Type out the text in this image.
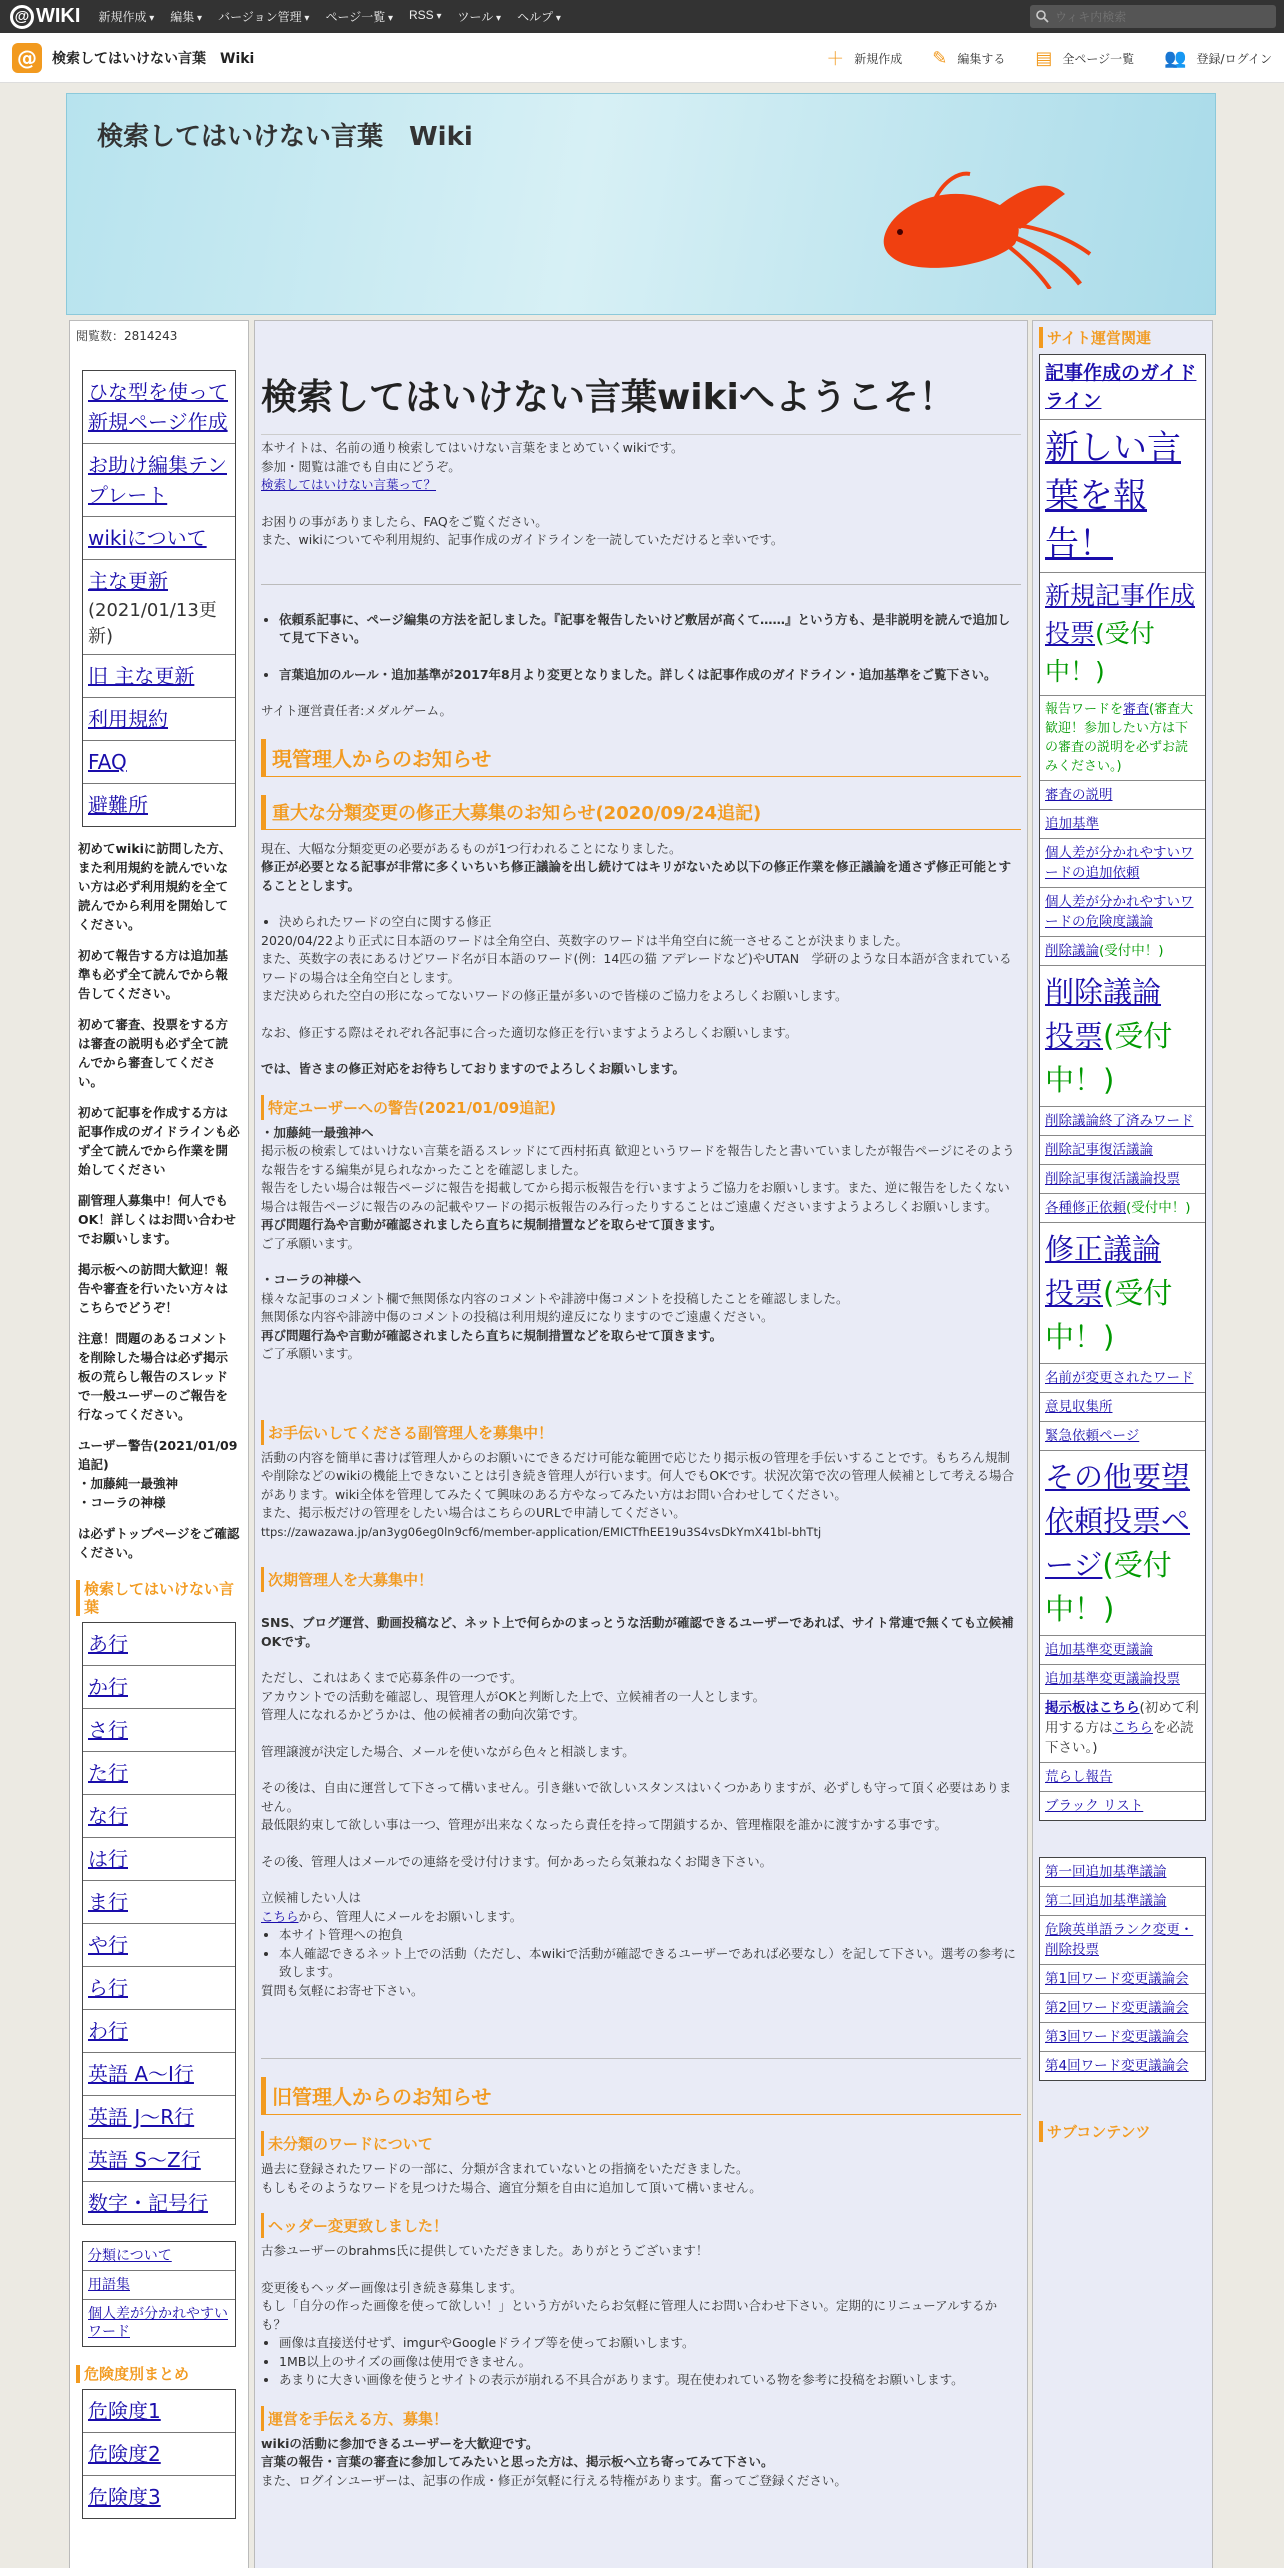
@ WIKI 新規作成 ▾	編集 ▾	バージョン管理 ▾	ページ一覧 ▾	RSS ▾	ツール ▾	ヘルプ ▾
ウィキ内検索
@	検索してはいけない言葉　Wiki	＋ 新規作成 ✎ 編集する ▤ 全ページ一覧 👥 登録/ログイン
検索してはいけない言葉　Wiki
閲覧数：2814243
ひな型を使って新規ページ作成
お助け編集テンプレート
wikiについて
主な更新
(2021/01/13更新)
旧 主な更新
利用規約
FAQ
避難所

初めてwikiに訪問した方、また利用規約を読んでいない方は必ず利用規約を全て読んでから利用を開始してください。

初めて報告する方は追加基準も必ず全て読んでから報告してください。

初めて審査、投票をする方は審査の説明も必ず全て読んでから審査してください。

初めて記事を作成する方は記事作成のガイドラインも必ず全て読んでから作業を開始してください

副管理人募集中！何人でもOK！詳しくはお問い合わせでお願いします。

掲示板への訪問大歓迎！報告や審査を行いたい方々はこちらでどうぞ！

注意！問題のあるコメントを削除した場合は必ず掲示板の荒らし報告のスレッドで一般ユーザーのご報告を行なってください。

ユーザー警告(2021/01/09追記)
・加藤純一最強神
・コーラの神様

は必ずトップページをご確認ください。

検索してはいけない言葉
あ行
か行
さ行
た行
な行
は行
ま行
や行
ら行
わ行
英語 A〜I行
英語 J〜R行
英語 S〜Z行
数字・記号行
分類について
用語集
個人差が分かれやすいワード
危険度別まとめ
危険度1
危険度2
危険度3
検索してはいけない言葉wikiへようこそ！

本サイトは、名前の通り検索してはいけない言葉をまとめていくwikiです。

参加・閲覧は誰でも自由にどうぞ。

検索してはいけない言葉って？

お困りの事がありましたら、FAQをご覧ください。

また、wikiについてや利用規約、記事作成のガイドラインを一読していただけると幸いです。

• 依頼系記事に、ページ編集の方法を記しました。『記事を報告したいけど敷居が高くて……』という方も、是非説明を読んで追加して見て下さい。
• 言葉追加のルール・追加基準が2017年8月より変更となりました。詳しくは記事作成のガイドライン・追加基準をご覧下さい。

サイト運営責任者:メダルゲーム。

現管理人からのお知らせ
重大な分類変更の修正大募集のお知らせ(2020/09/24追記)

現在、大幅な分類変更の必要があるものが1つ行われることになりました。

修正が必要となる記事が非常に多くいちいち修正議論を出し続けてはキリがないため以下の修正作業を修正議論を通さず修正可能とすることとします。

• 決められたワードの空白に関する修正

2020/04/22より正式に日本語のワードは全角空白、英数字のワードは半角空白に統一させることが決まりました。

また、英数字の表にあるけどワード名が日本語のワード(例：14匹の猫 アデレードなど)やUTAN　学研のような日本語が含まれているワードの場合は全角空白とします。

まだ決められた空白の形になってないワードの修正量が多いので皆様のご協力をよろしくお願いします。

なお、修正する際はそれぞれ各記事に合った適切な修正を行いますようよろしくお願いします。

では、皆さまの修正対応をお待ちしておりますのでよろしくお願いします。

特定ユーザーへの警告(2021/01/09追記)

・加藤純一最強神へ

掲示板の検索してはいけない言葉を語るスレッドにて西村拓真 歓迎というワードを報告したと書いていましたが報告ページにそのような報告をする編集が見られなかったことを確認しました。

報告をしたい場合は報告ページに報告を掲載してから掲示板報告を行いますようご協力をお願いします。また、逆に報告をしたくない場合は報告ページに報告のみの記載やワードの掲示板報告のみ行ったりすることはご遠慮くださいますようよろしくお願いします。

再び問題行為や言動が確認されましたら直ちに規制措置などを取らせて頂きます。

ご了承願います。

・コーラの神様へ

様々な記事のコメント欄で無関係な内容のコメントや誹謗中傷コメントを投稿したことを確認しました。

無関係な内容や誹謗中傷のコメントの投稿は利用規約違反になりますのでご遠慮ください。

再び問題行為や言動が確認されましたら直ちに規制措置などを取らせて頂きます。

ご了承願います。

お手伝いしてくださる副管理人を募集中！

活動の内容を簡単に書けば管理人からのお願いにできるだけ可能な範囲で応じたり掲示板の管理を手伝いすることです。もちろん規制や削除などのwikiの機能上できないことは引き続き管理人が行います。何人でもOKです。状況次第で次の管理人候補として考える場合があります。wiki全体を管理してみたくて興味のある方やなってみたい方はお問い合わせしてください。

また、掲示板だけの管理をしたい場合はこちらのURLで申請してください。

ttps://zawazawa.jp/an3yg06eg0ln9cf6/member-application/EMICTfhEE19u3S4vsDkYmX41bl-bhTtj

次期管理人を大募集中！

SNS、ブログ運営、動画投稿など、ネット上で何らかのまっとうな活動が確認できるユーザーであれば、サイト常連で無くても立候補OKです。

ただし、これはあくまで応募条件の一つです。

アカウントでの活動を確認し、現管理人がOKと判断した上で、立候補者の一人とします。

管理人になれるかどうかは、他の候補者の動向次第です。

管理譲渡が決定した場合、メールを使いながら色々と相談します。

その後は、自由に運営して下さって構いません。引き継いで欲しいスタンスはいくつかありますが、必ずしも守って頂く必要はありません。

最低限約束して欲しい事は一つ、管理が出来なくなったら責任を持って閉鎖するか、管理権限を誰かに渡すかする事です。

その後、管理人はメールでの連絡を受け付けます。何かあったら気兼ねなくお聞き下さい。

立候補したい人は

こちらから、管理人にメールをお願いします。

• 本サイト管理への抱負
• 本人確認できるネット上での活動（ただし、本wikiで活動が確認できるユーザーであれば必要なし）を記して下さい。選考の参考に致します。

質問も気軽にお寄せ下さい。

旧管理人からのお知らせ
未分類のワードについて

過去に登録されたワードの一部に、分類が含まれていないとの指摘をいただきました。

もしもそのようなワードを見つけた場合、適宜分類を自由に追加して頂いて構いません。

ヘッダー変更致しました！

古参ユーザーのbrahms氏に提供していただきました。ありがとうございます！

変更後もヘッダー画像は引き続き募集します。

もし「自分の作った画像を使って欲しい！」という方がいたらお気軽に管理人にお問い合わせ下さい。定期的にリニューアルするかも？

• 画像は直接送付せず、imgurやGoogleドライブ等を使ってお願いします。
• 1MB以上のサイズの画像は使用できません。
• あまりに大きい画像を使うとサイトの表示が崩れる不具合があります。現在使われている物を参考に投稿をお願いします。
運営を手伝える方、募集！

wikiの活動に参加できるユーザーを大歓迎です。

言葉の報告・言葉の審査に参加してみたいと思った方は、掲示板へ立ち寄ってみて下さい。

また、ログインユーザーは、記事の作成・修正が気軽に行える特権があります。奮ってご登録ください。

サイト運営関連
記事作成のガイドライン
新しい言葉を報告！
新規記事作成投票(受付中！)
報告ワードを審査(審査大歓迎！参加したい方は下の審査の説明を必ずお読みください。)
審査の説明
追加基準
個人差が分かれやすいワードの追加依頼
個人差が分かれやすいワードの危険度議論
削除議論(受付中！)
削除議論
投票(受付中！)
削除議論終了済みワード
削除記事復活議論
削除記事復活議論投票
各種修正依頼(受付中！)
修正議論
投票(受付中！)
名前が変更されたワード
意見収集所
緊急依頼ページ
その他要望依頼投票ページ(受付中！)
追加基準変更議論
追加基準変更議論投票
掲示板はこちら(初めて利用する方はこちらを必読下さい。)
荒らし報告
ブラック リスト
第一回追加基準議論
第二回追加基準議論
危険英単語ランク変更・削除投票
第1回ワード変更議論会
第2回ワード変更議論会
第3回ワード変更議論会
第4回ワード変更議論会
サブコンテンツ
